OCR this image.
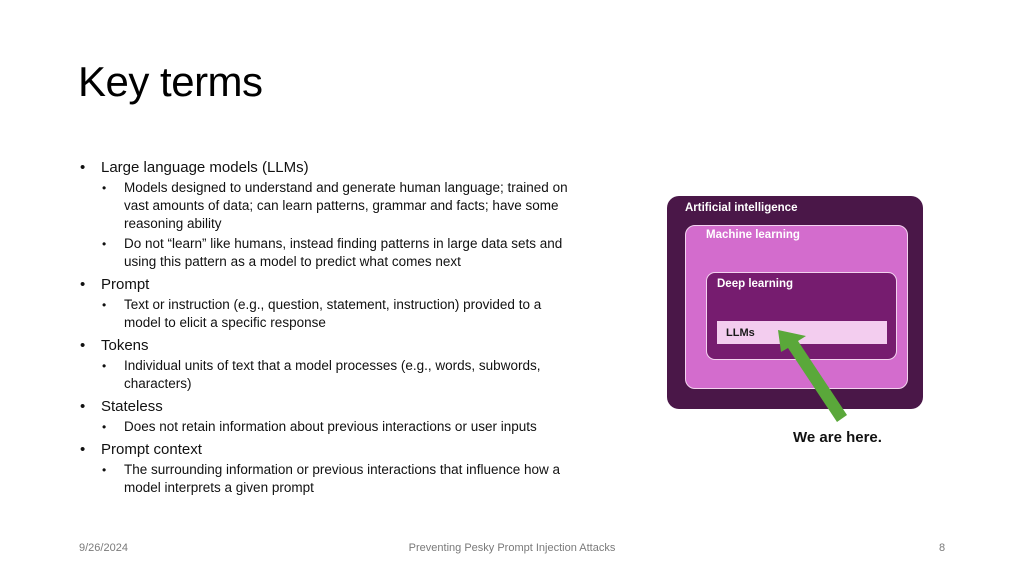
Key terms
• Large language models (LLMs)
• Models designed to understand and generate human language; trained on vast amounts of data; can learn patterns, grammar and facts; have some reasoning ability
• Do not “learn” like humans, instead finding patterns in large data sets and using this pattern as a model to predict what comes next
• Prompt
• Text or instruction (e.g., question, statement, instruction) provided to a model to elicit a specific response
• Tokens
• Individual units of text that a model processes (e.g., words, subwords, characters)
• Stateless
• Does not retain information about previous interactions or user inputs
• Prompt context
• The surrounding information or previous interactions that influence how a model interprets a given prompt
Artificial intelligence
Machine learning
Deep learning
LLMs
We are here.
9/26/2024	Preventing Pesky Prompt Injection Attacks	8
